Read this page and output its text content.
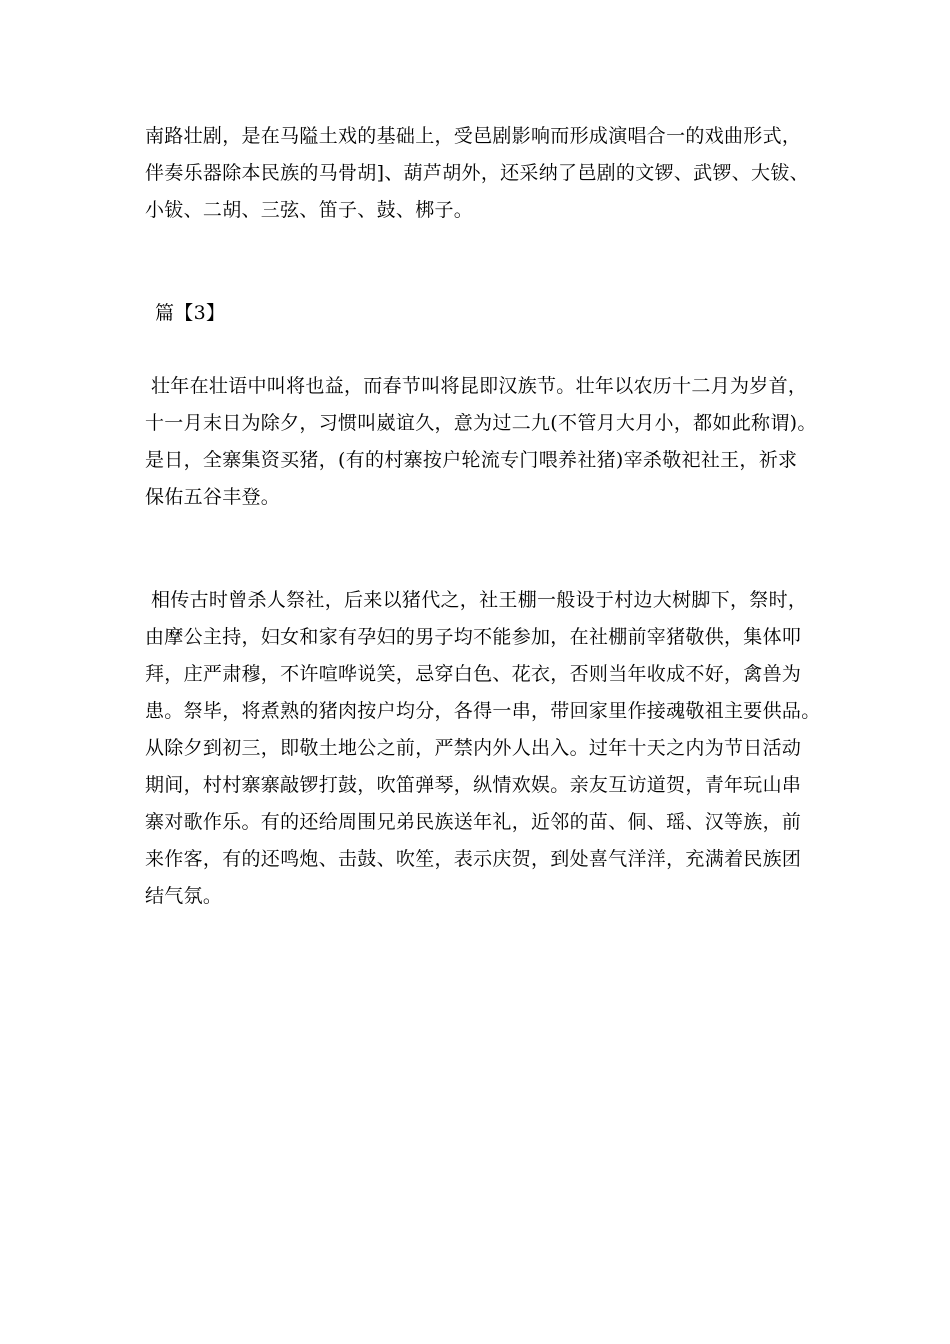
南路壮剧，是在马隘土戏的基础上，受邑剧影响而形成演唱合一的戏曲形式，
伴奏乐器除本民族的马骨胡]、葫芦胡外，还采纳了邑剧的文锣、武锣、大钹、
小钹、二胡、三弦、笛子、鼓、梆子。
篇【3】
壮年在壮语中叫将也益，而春节叫将昆即汉族节。壮年以农历十二月为岁首，
十一月末日为除夕，习惯叫崴谊久，意为过二九(不管月大月小，都如此称谓)。
是日，全寨集资买猪，(有的村寨按户轮流专门喂养社猪)宰杀敬祀社王，祈求
保佑五谷丰登。
相传古时曾杀人祭社，后来以猪代之，社王棚一般设于村边大树脚下，祭时，
由摩公主持，妇女和家有孕妇的男子均不能参加，在社棚前宰猪敬供，集体叩
拜，庄严肃穆，不许喧哗说笑，忌穿白色、花衣，否则当年收成不好，禽兽为
患。祭毕，将煮熟的猪肉按户均分，各得一串，带回家里作接魂敬祖主要供品。
从除夕到初三，即敬土地公之前，严禁内外人出入。过年十天之内为节日活动
期间，村村寨寨敲锣打鼓，吹笛弹琴，纵情欢娱。亲友互访道贺，青年玩山串
寨对歌作乐。有的还给周围兄弟民族送年礼，近邻的苗、侗、瑶、汉等族，前
来作客，有的还鸣炮、击鼓、吹笙，表示庆贺，到处喜气洋洋，充满着民族团
结气氛。
